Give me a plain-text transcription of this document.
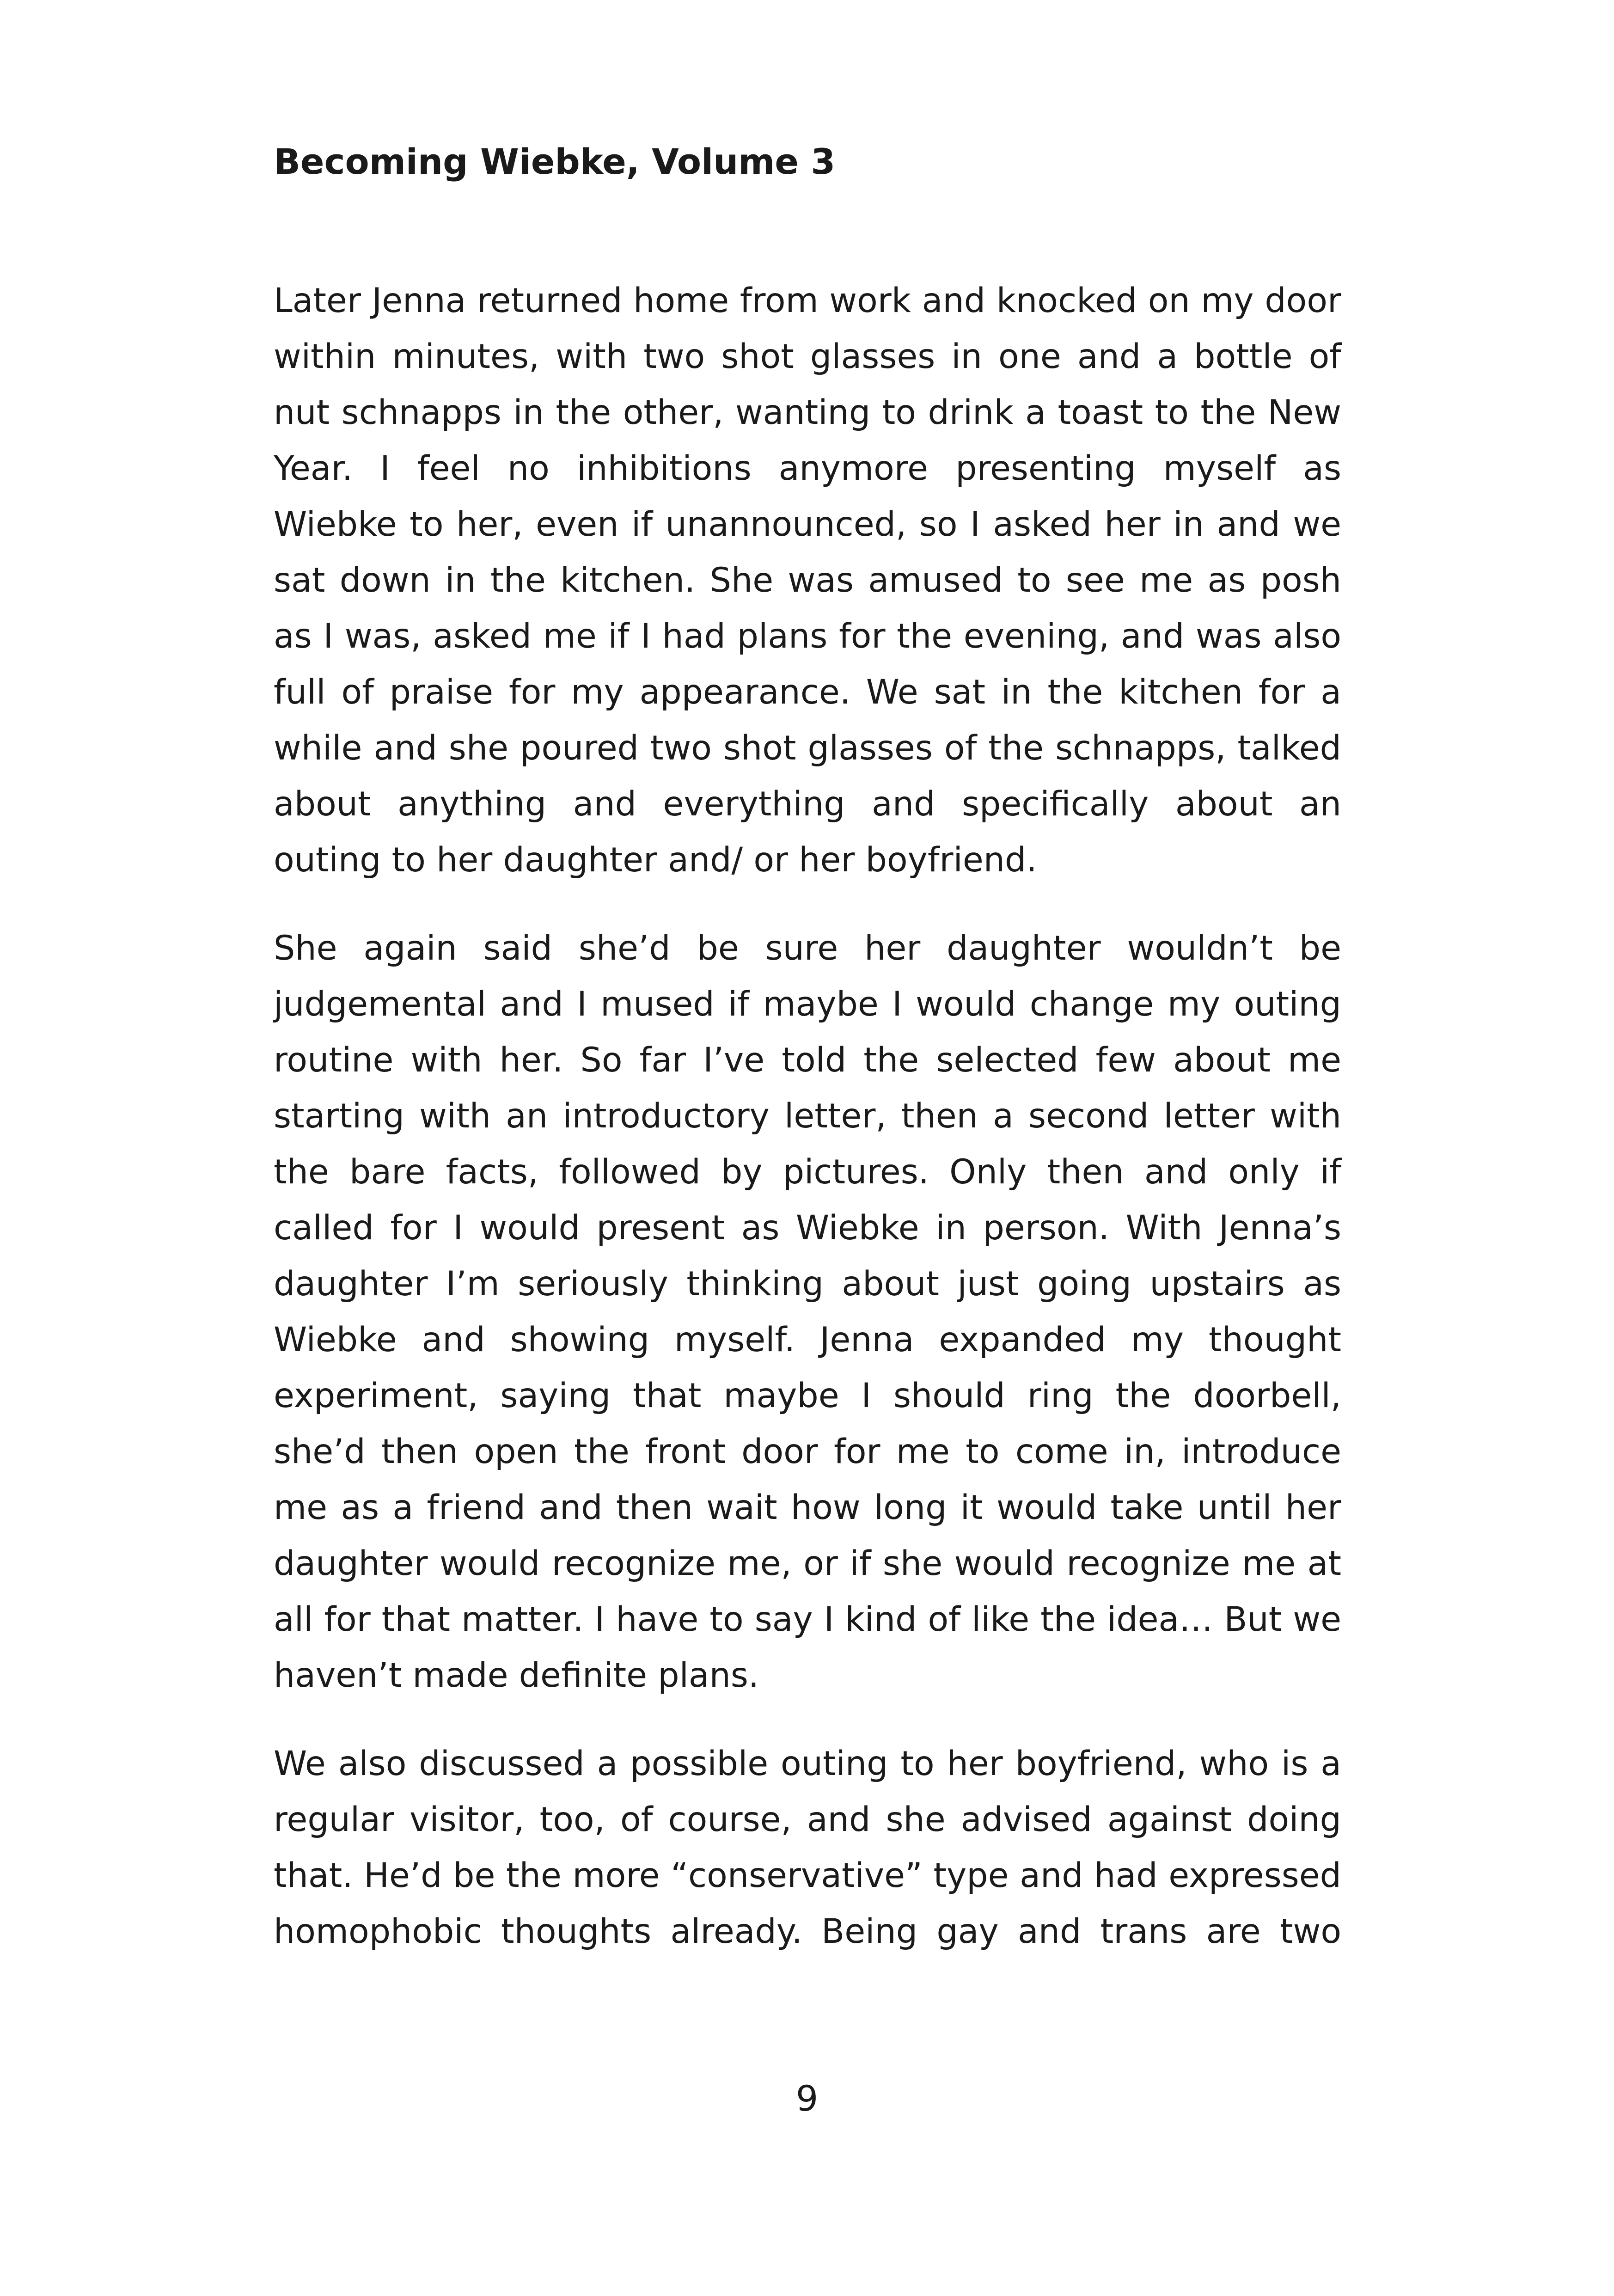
Becoming Wiebke, Volume 3

Later Jenna returned home from work and knocked on my door within minutes, with two shot glasses in one and a bottle of nut schnapps in the other, wanting to drink a toast to the New Year. I feel no inhibitions anymore presenting myself as Wiebke to her, even if unannounced, so I asked her in and we sat down in the kitchen. She was amused to see me as posh as I was, asked me if I had plans for the evening, and was also full of praise for my appearance. We sat in the kitchen for a while and she poured two shot glasses of the schnapps, talked about anything and everything and specifically about an outing to her daughter and/ or her boyfriend.

She again said she’d be sure her daughter wouldn’t be judgemental and I mused if maybe I would change my outing routine with her. So far I’ve told the selected few about me starting with an introductory letter, then a second letter with the bare facts, followed by pictures. Only then and only if called for I would present as Wiebke in person. With Jenna’s daughter I’m seriously thinking about just going upstairs as Wiebke and showing myself. Jenna expanded my thought experiment, saying that maybe I should ring the doorbell, she’d then open the front door for me to come in, introduce me as a friend and then wait how long it would take until her daughter would recognize me, or if she would recognize me at all for that matter. I have to say I kind of like the idea… But we haven’t made definite plans.

We also discussed a possible outing to her boyfriend, who is a regular visitor, too, of course, and she advised against doing that. He’d be the more “conservative” type and had expressed homophobic thoughts already. Being gay and trans are two

9
